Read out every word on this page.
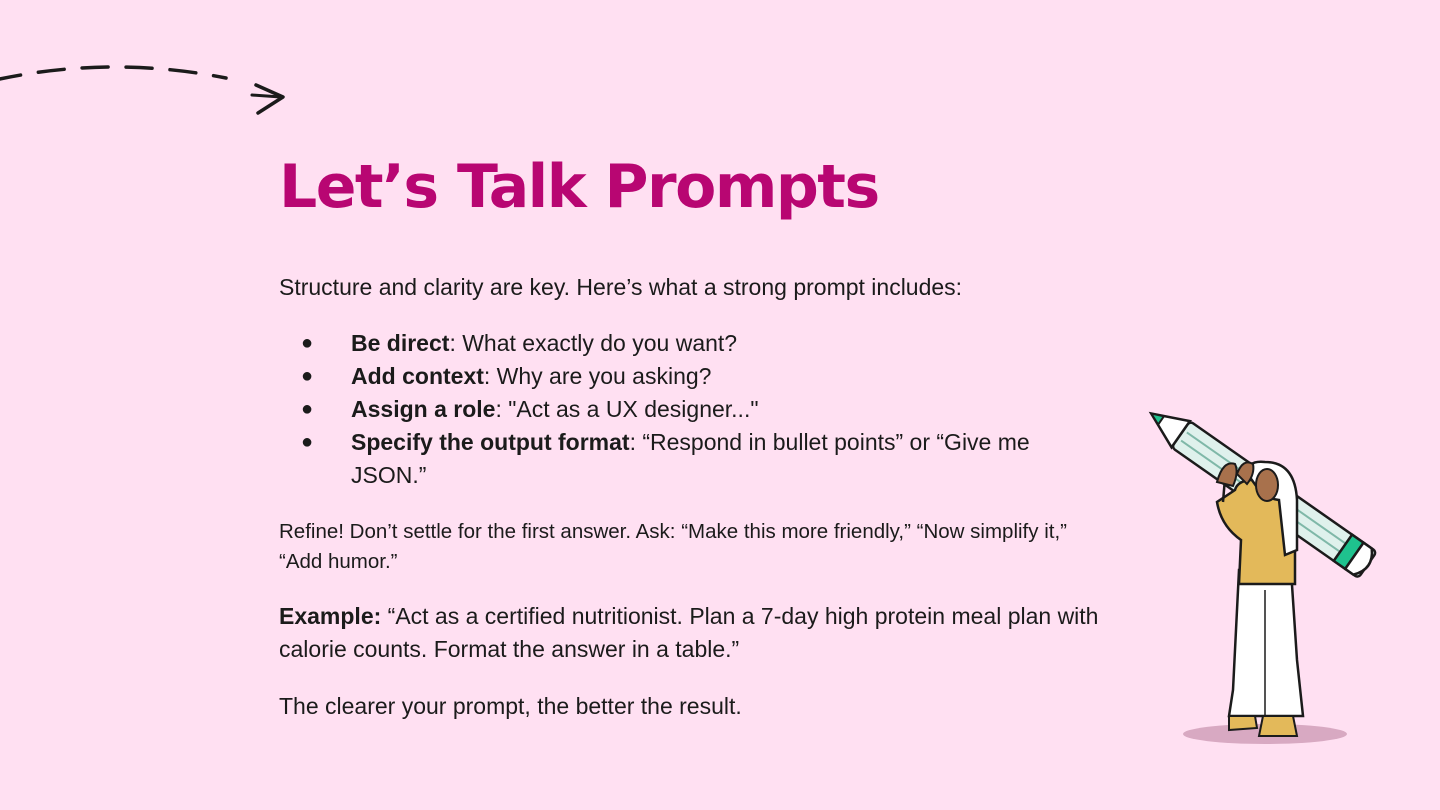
Let’s Talk Prompts

Structure and clarity are key. Here’s what a strong prompt includes:

● Be direct: What exactly do you want?
● Add context: Why are you asking?
● Assign a role: "Act as a UX designer..."
● Specify the output format: “Respond in bullet points” or “Give me JSON.”

Refine! Don’t settle for the first answer. Ask: “Make this more friendly,” “Now simplify it,” “Add humor.”

Example: “Act as a certified nutritionist. Plan a 7-day high protein meal plan with calorie counts. Format the answer in a table.”

The clearer your prompt, the better the result.
